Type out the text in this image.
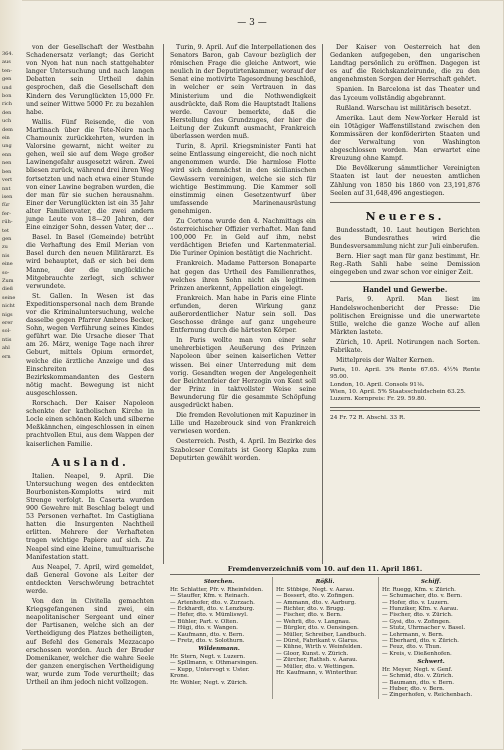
364.
aus
ten-
gen
und
bon
rich
den
uch
dem
ein
ung
enn
nen
ben
vert
nnt
isen
für
fer-
rüh-
tet
gen
zu
nis
eine
so-
Zum
dieß
seine
nicht
nigs
erer
sol-
ntis
ahl
ern
— 3 —

von der Gesellschaft der Westbahn Schadenersatz verlangt; das Gericht von Nyon hat nun nach stattgehabter langer Untersuchung und nach langen Debatten sein Urtheil dahin gesprochen, daß die Gesellschaft den Kindern des Verunglückten 15,000 Fr. und seiner Wittwe 5000 Fr. zu bezahlen habe.

Wallis. Fünf Reisende, die von Martinach über die Tete-Noire nach Chamounix zurückkehrten, wurden in Valorsine gewarnt, nicht weiter zu gehen, weil sie auf dem Wege großer Lawinengefahr ausgesetzt wären. Zwei bliesen zurück, während drei ihren Weg fortsetzten und nach etwa einer Stunde von einer Lawine begraben wurden, die der man für sie suchen herausnahm. Einer der Verunglückten ist ein 35 Jahr alter Familienvater, die zwei andern junge Leute von 18—20 Jahren, der Eine einziger Sohn, dessen Vater, der ...

Basel. In Basel (Gemeinde) betrübt die Verhaftung des Emil Merian von Basel durch den neuen Militärarzt. Es wird behauptet, daß er sich bei dem Manne, der die unglückliche Mitgebrauchte zerlegt, sich schwer verwundete.

St. Gallen. In Wesen ist das Expeditionspersonal nach dem Brande vor die Kriminaluntersuchung, welche dasselbe gegen Pfarrer Ambros Becker, Sohn, wegen Verführung seines Kindes geführt war. Die Ursache dieser That am 26. März, wenige Tage nach ihrer Geburt, mittels Opium ermordet, welche die ärztliche Anzeige und das Einschreiten des Bezirkskommandanten des Gestern nötig macht. Bewegung ist nicht ausgeschlossen.

Rorschach. Der Kaiser Napoleon schenkte der katholischen Kirche in Locle einen schönen Kelch und silberne Meßkännchen, eingeschlossen in einen prachtvollen Etui, aus dem Wappen der kaiserlichen Familie.

Ausland.

Italien. Neapel, 9. April. Die Untersuchung wegen des entdeckten Bourbonisten-Komplotts wird mit Strenge verfolgt. In Caserta wurden 900 Gewehre mit Beschlag belegt und 53 Personen verhaftet. Im Castigliana hatten die Insurgenten Nachtheil erlitten. Mehrere der Verhafteten tragen wichtige Papiere auf sich. Zu Neapel sind eine kleine, tumultuarische Manifestation statt.

Aus Neapel, 7. April, wird gemeldet, daß General Govone als Leiter der entdeckten Verschwörung betrachtet werde.

Von den in Civitella gemachten Kriegsgefangenen sind zwei, ein neapolitanischer Sergeant und einer der Partisanen, welche sich an der Vertheidigung des Platzes betheiligten, auf Befehl des Generals Mezzacapo erschossen worden. Auch der Bruder Domenikaner, welcher die wahre Seele der ganzen energischen Vertheidigung war, wurde zum Tode verurtheilt; das Urtheil an ihm jedoch nicht vollzogen.

Turin, 9. April. Auf die Interpellationen des Senators Baron, gab Cavour bezüglich der römischen Frage die gleiche Antwort, wie neulich in der Deputirtenkammer, worauf der Senat eine motivirte Tagesordnung beschloß, in welcher er sein Vertrauen in das Ministerium und die Nothwendigkeit ausdrückte, daß Rom die Hauptstadt Italiens werde. Cavour bemerkte, daß die Herstellung des Grundzuges, der hier die Leitung der Zukunft ausmacht, Frankreich überlassen werden muß.

Turin, 8. April. Kriegsminister Fanti hat seine Entlassung eingereicht, die noch nicht angenommen wurde. Die harmlose Flotte wird sich demnächst in den sicilianischen Gewässern vereinigen, welche sie sich für wichtige Bestimmung. Die Kammer soll einstimmig einen Gesetzentwurf über umfassende Marinenausrüstung genehmigen.

Zu Cortona wurde den 4. Nachmittags ein österreichischer Offizier verhaftet. Man fand 100,000 Fr. in Geld auf ihm, nebst verdächtigen Briefen und Kartenmaterial. Die Turiner Opinion bestätigt die Nachricht.

Frankreich. Madame Patterson Bonaparte hat gegen das Urtheil des Familienrathes, welches ihren Sohn nicht als legitimen Prinzen anerkennt, Appellation eingelegt.

Frankreich. Man habe in Paris eine Flinte erfunden, deren Wirkung ganz außerordentlicher Natur sein soll. Das Geschosse dränge auf ganz ungeheure Entfernung durch die härtesten Körper.

In Paris wollte man von einer sehr unehrerbietigen Aeußerung des Prinzen Napoleon über seinen kaiserlichen Vetter wissen. Bei einer Unterredung mit dem vorig. Gesandten wegen der Angelegenheit der Beichtenfeier der Herzogin von Kent soll der Prinz in taktvollster Weise seine Bewunderung für die gesammte Schöpfung ausgedrückt haben.

Die fremden Revolutionen mit Kapuziner in Lille und Hazebrouck sind von Frankreich verwiesen worden.

Oesterreich. Pesth, 4. April. Im Bezirke des Szabolcser Comitats ist Georg Klapka zum Deputirten gewählt worden.

Der Kaiser von Oesterreich hat den Gedanken aufgegeben, den ungarischen Landtag persönlich zu eröffnen. Dagegen ist es auf die Reichskanzleirunde, die zu den angenehmsten Sorgen der Herrschaft gehört.

Spanien. In Barcelona ist das Theater und das Lyceum vollständig abgebrannt.

Rußland. Warschau ist militärisch besetzt.

Amerika. Laut dem New-Yorker Herald ist ein 10tägiger Waffenstillstand zwischen den Kommissären der konföderirten Staaten und der Verwaltung von Washington abgeschlossen worden. Man erwartet eine Kreuzung ohne Kampf.

Die Bevölkerung sämmtlicher Vereinigten Staaten ist laut der neuesten amtlichen Zählung von 1850 bis 1860 von 23,191,876 Seelen auf 31,648,496 angestiegen.

Neueres.

Bundesstadt, 10. Laut heutigen Berichten des Bundesrathes wird die Bundesversammlung nicht zur Juli einberufen.

Bern. Hier sagt man für ganz bestimmt, Hr. Reg.-Rath Sahli habe seine Demission eingegeben und zwar schon vor einiger Zeit.

Handel und Gewerbe.

Paris, 9. April. Man liest im Handelswochenbericht der Presse: Die politischen Ereignisse und die unerwartete Stille, welche die ganze Woche auf allen Märkten lastete.

Zürich, 10. April. Notirungen nach Sorten. Fabrikate.

Mittelpreis der Walter Kernen.

Paris, 10. April. 3% Rente 67.65. 4½% Rente 95.00.
London, 10. April. Consols 91⅛.
Wien, 10. April. 5% Staatsschuldschein 63.25.
Luzern. Kornpreis: Fr. 29. 59.80.
24 Fr. 72 R. Abschl. 33 R.
Fremdenverzeichniß vom 10. auf den 11. April 1861.
Storchen.
Hr. Schlatter, Pfr. v. Rheinfelden.
— Stauffer, Kfm. v. Reinach.
— Artenhofer, dto. v. Zurzach.
— Eckhardt, dto. v. Lenzburg.
— Hefer, dto. v. Mümliswyl.
— Bühler, Part. v. Olten.
— Hügi, dto. v. Wangen.
— Kaufmann, dto. v. Bern.
— Fretz, dto. v. Solothurn.
Wildenmann.
Hr. Stern, Negt. v. Luzern.
— Spillmann, v. Othmarsingen.
— Kupp, Untervogt v. Uster.
Krone.
Hr. Wöhler, Negt. v. Zürich.
Rößli.
Hr. Stübige, Negt. v. Aarau.
— Bossert, dto. v. Zofingen.
— Ammann, dto. v. Aarburg.
— Richter, dto. v. Brugg.
— Fischer, dto. v. Bern.
— Wehrli, dto. v. Langnau.
— Bürgler, dto. v. Oensingen.
— Müller, Schreiber, Landbuch.
— Dürst, Fabrikant v. Glarus.
— Kühne, Wirth v. Weinfelden.
— Gloor, Kunst. v. Zürich.
— Zürcher, Rathsh. v. Aarau.
— Müller, dto. v. Wettingen.
Hr. Kaufmann, v. Winterthur.
Schiff.
Hr. Ruegg, Kfm. v. Zürich.
— Schumacher, dto. v. Bern.
— Hofer, dto. v. Luzern.
— Hunziker, Kfm. v. Aarau.
— Fischer, dto. v. Zürich.
— Gysi, dto. v. Zofingen.
— Stutz, Uhrmacher v. Basel.
— Lehrmann, v. Bern.
— Eberhard, dto. v. Zürich.
— Feuz, dto. v. Thun.
— Kreis, v. Dießenhofen.
Schwert.
Hr. Meyer, Negt. v. Genf.
— Schmid, dto. v. Zürich.
— Baumann, dto. v. Bern.
— Huber, dto. v. Bern.
— Zingerhofen, v. Reichenbach.
